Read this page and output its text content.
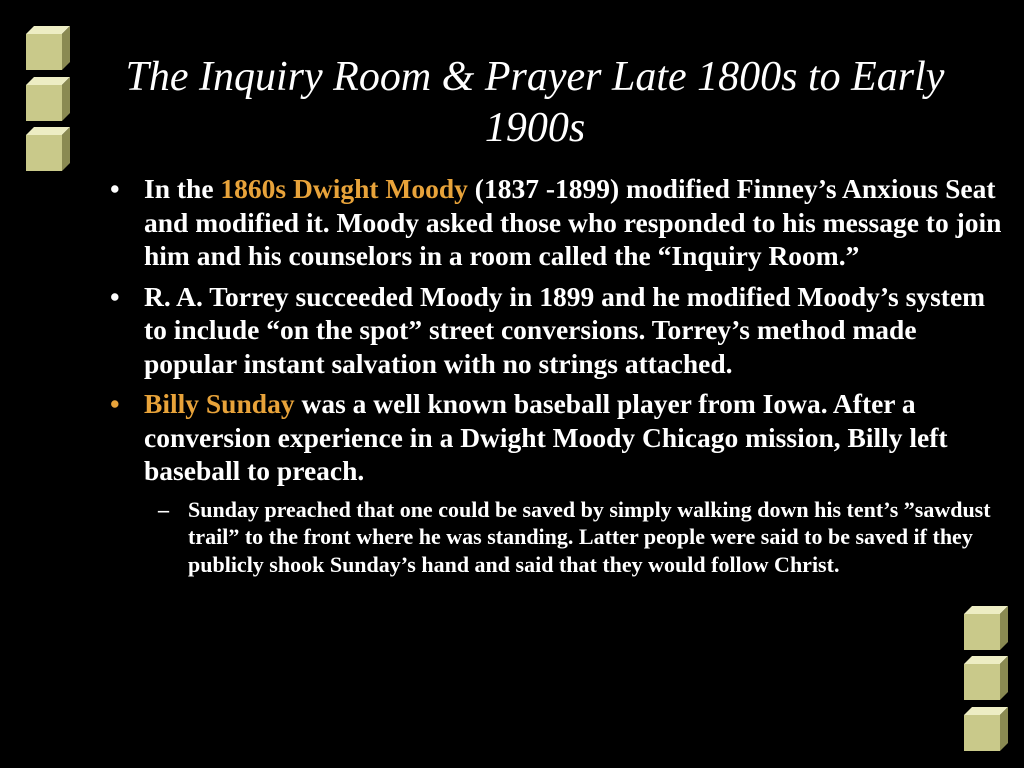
The Inquiry Room & Prayer Late 1800s to Early 1900s
• In the 1860s Dwight Moody (1837 -1899) modified Finney’s Anxious Seat and modified it. Moody asked those who responded to his message to join him and his counselors in a room called the “Inquiry Room.”
• R. A. Torrey succeeded Moody in 1899 and he modified Moody’s system to include “on the spot” street conversions. Torrey’s method made popular instant salvation with no strings attached.
• Billy Sunday was a well known baseball player from Iowa. After a conversion experience in a Dwight Moody Chicago mission, Billy left baseball to preach.
– Sunday preached that one could be saved by simply walking down his tent’s ”sawdust trail” to the front where he was standing. Latter people were said to be saved if they publicly shook Sunday’s hand and said that they would follow Christ.
